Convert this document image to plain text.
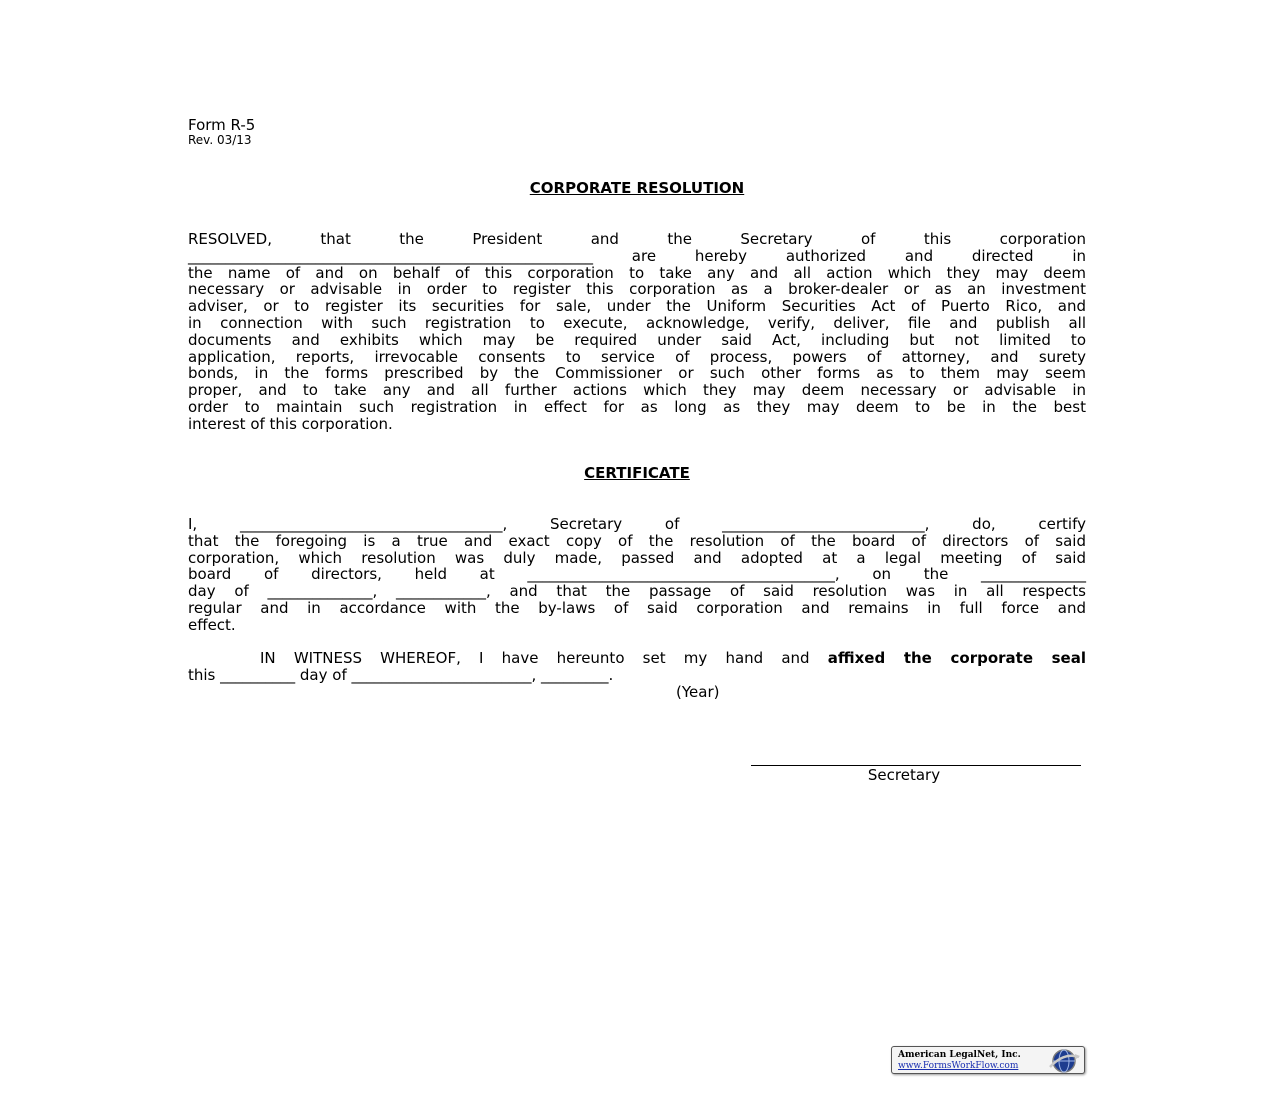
Form R-5
Rev. 03/13
CORPORATE RESOLUTION
RESOLVED, that the President and the Secretary of this corporation
______________________________________________________ are hereby authorized and directed in
the name of and on behalf of this corporation to take any and all action which they may deem
necessary or advisable in order to register this corporation as a broker-dealer or as an investment
adviser, or to register its securities for sale, under the Uniform Securities Act of Puerto Rico, and
in connection with such registration to execute, acknowledge, verify, deliver, file and publish all
documents and exhibits which may be required under said Act, including but not limited to
application, reports, irrevocable consents to service of process, powers of attorney, and surety
bonds, in the forms prescribed by the Commissioner or such other forms as to them may seem
proper, and to take any and all further actions which they may deem necessary or advisable in
order to maintain such registration in effect for as long as they may deem to be in the best
interest of this corporation.
CERTIFICATE
I, ___________________________________, Secretary of ___________________________, do, certify
that the foregoing is a true and exact copy of the resolution of the board of directors of said
corporation, which resolution was duly made, passed and adopted at a legal meeting of said
board of directors, held at _________________________________________, on the ______________
day of ______________, ____________, and that the passage of said resolution was in all respects
regular and in accordance with the by-laws of said corporation and remains in full force and
effect.
IN WITNESS WHEREOF, I have hereunto set my hand and affixed the corporate seal
this __________ day of ________________________, _________.
(Year)
Secretary
American LegalNet, Inc.
www.FormsWorkFlow.com
